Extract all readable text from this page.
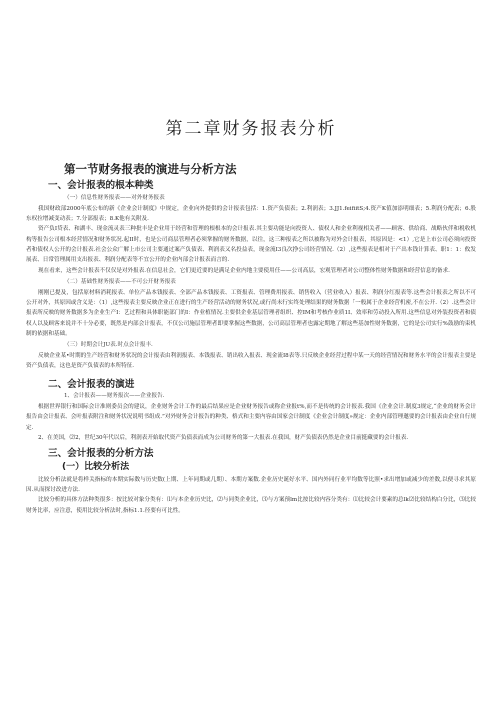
第二章财务报表分析
第一节财务报表的演进与分析方法
一、会计报表的根本种类
（一）信息性财务报表——对外财务报表

我国财政部2000年底公布的新《企业会计制度》中规定，企业向外提供的会计报表包括：1.资产负债表；2.利润表；3.JJ1.feifiitS;4.资产K值加添明细表；5.利润分配表；6.股东权拉增减变动表；7.分部报表；8.K他有关附及.

资产负I贷表、和湖丰、现金流灵表三种批丰是企业用于经营和管理的根根本的会计报表.其主要功能是向投资人、债权人和企业利视相关者——顾客、供给商、战略伙伴和税收机构等报告公司根本经营情况和财务状况.起II时，也是公司商层管理者必须掌握的财务数据，以往，这三种报表之所以被称为对外会计报表，其原因是：<1）,它是上市公司必须向投资者和债权人公开的会计报表.社会公众广解上市公司主要通过案产负债表、利润表又名投益表，现金流I3良次挣公司经营情况.（2）,这些报表是相对于产出本钱计算表、职1：1：攸发展表、日常管理属用支出报表、利润分配表等不宜公开的企业内部会计报表而言的.

现在看来，这些会计报表不仅仅是对外报表.在信息社会，它们更近要的是满足企业内地主要使用任——公司高层，宏观管理者对公司整体性财务数据和经营信息的备求.

（二）基础性财务报表——不可公开财务报表

刚刚已提及，包括原材料消耗报表、单位产品本钱报表、全部产品本钱报表、工资报表、管理费用报表、销售收入（营业收入）报表、利润分红报表等.这些会计报表之所以不可公开对外，其原因或含义是：（1）,这些报表主要反映企业正在进行的生产经营活动的财务状况,或行尚未行实终处理结果的财务数据「一般属于企业经营机密,不在公开.（2）.这些会计报表所反映的财务数据多为企业生产I：艺过程和具体职能部门的I：作业植情况.主要供企业基层管理者组织、控IM和考核作业质1I、效率和劳动投入所用.这些信息对外装投资者和债权人以及顾客来说并不十分必要，既然是内部会计报表，不仅公司施层管理者即要掌握这些数据，公司高层管理者也露定期地了解这些基加性财务数据，它的是公司实行%鼓励的束机制的依据和基础。

（三）时期会计JU表.时点会计报丰.

反映企业某•时期的生产经营和财务状况的会计报表由利润报表、本钱报表、销出收入报表、现金流I8表等.只反映企业经营过程中某一天的经营情况和财务水平的会计报表主要是资产负债表，这也是资产负债表的本所特征.

二、会计报表的演进
1、会计报表——财务报次——企业报告.

根据世界银行和国际会计准则委员会的建议，企业财务会计工作的最后结果应是企业财务报告或称企业报t%,而不是传统的会计报表.我国《企业会计.制度3规定,“企业的财务会计报告由会计报表、会叶报表附注和财务状况说明书组成.”对外财务会计报告的种类、格式和主要内容由国家会计制度《企业会计制度»规定：企业内部管理邀要的会计报表由企业自行规定.

2、在美国，⑵2，世纪30年代以后，利润表开始取代资产负债表而成为公司财务的第一大报表.在我国，财产负债表仍然是企业目前挺藏要的会计报表.

三、会计报表的分析方法
(一）比较分析法

比较分析法就是将样关指标的本期实际数与历史数(上期、上年同期或几期）、本期方案数.企业历史诞好水平、国内外同行业平均数等比照•求出增加或减少的差数,以便寻求其原因.从而探讨改进方法.

比较分析的具体方法种类很多：按比较对象分类有：⑴与本企业历史比，⑵与同类企业比，⑶与方案预lm比按比较内容分类有：⑴比较会计要素的总lk⑵比较结构白分比，⑶比较财务比率，应注意，使用比较分析法时,指标1.1.径要有可比性。
